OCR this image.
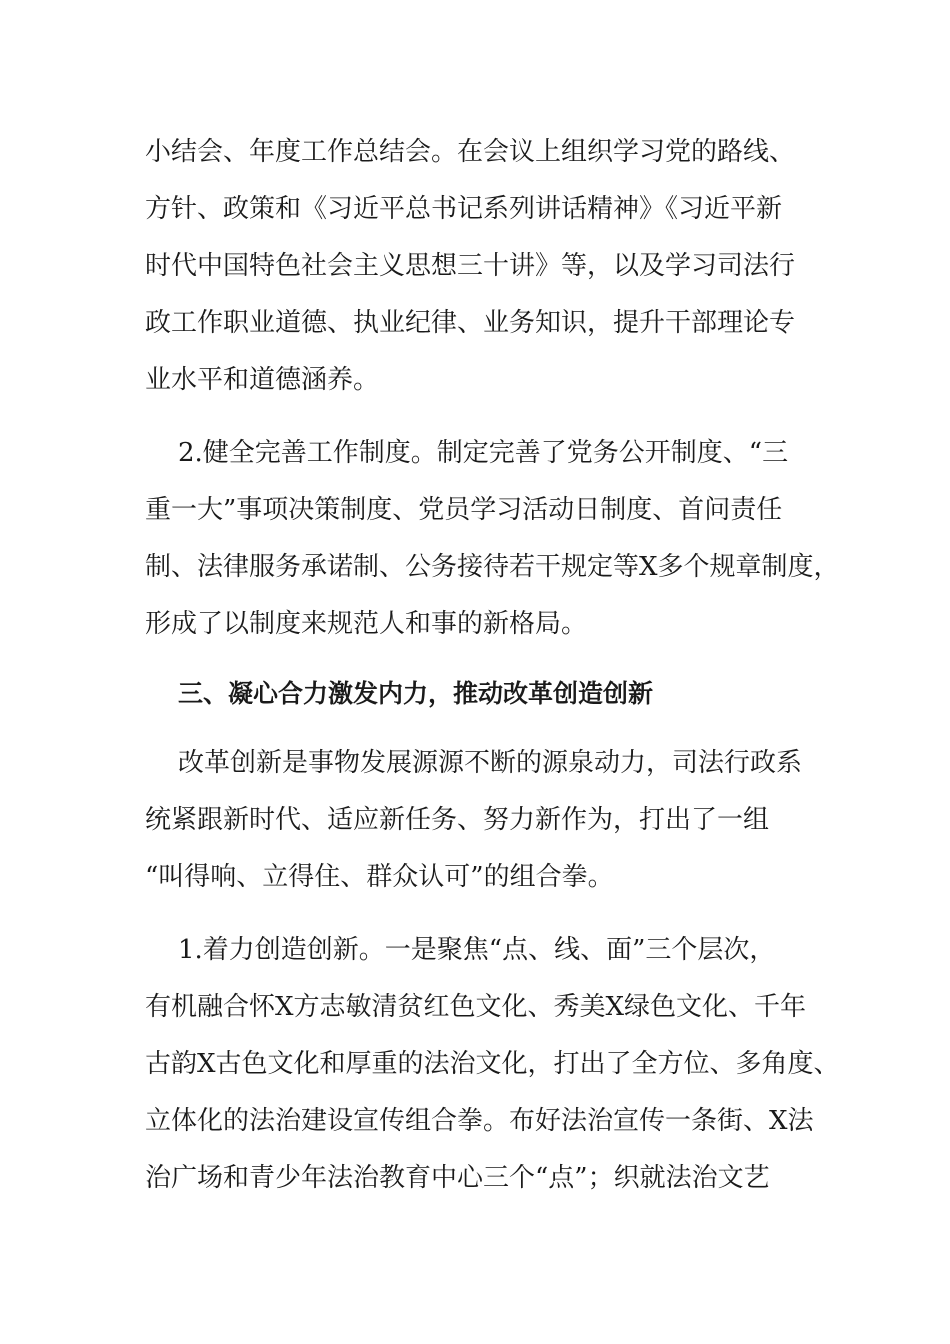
小结会、年度工作总结会。在会议上组织学习党的路线、
方针、政策和《习近平总书记系列讲话精神》《习近平新
时代中国特色社会主义思想三十讲》等，以及学习司法行
政工作职业道德、执业纪律、业务知识，提升干部理论专
业水平和道德涵养。
2.健全完善工作制度。制定完善了党务公开制度、“三
重一大”事项决策制度、党员学习活动日制度、首问责任
制、法律服务承诺制、公务接待若干规定等X多个规章制度，
形成了以制度来规范人和事的新格局。
三、凝心合力激发内力，推动改革创造创新
改革创新是事物发展源源不断的源泉动力，司法行政系
统紧跟新时代、适应新任务、努力新作为，打出了一组
“叫得响、立得住、群众认可”的组合拳。
1.着力创造创新。一是聚焦“点、线、面”三个层次，
有机融合怀X方志敏清贫红色文化、秀美X绿色文化、千年
古韵X古色文化和厚重的法治文化，打出了全方位、多角度、
立体化的法治建设宣传组合拳。布好法治宣传一条街、X法
治广场和青少年法治教育中心三个“点”；织就法治文艺
